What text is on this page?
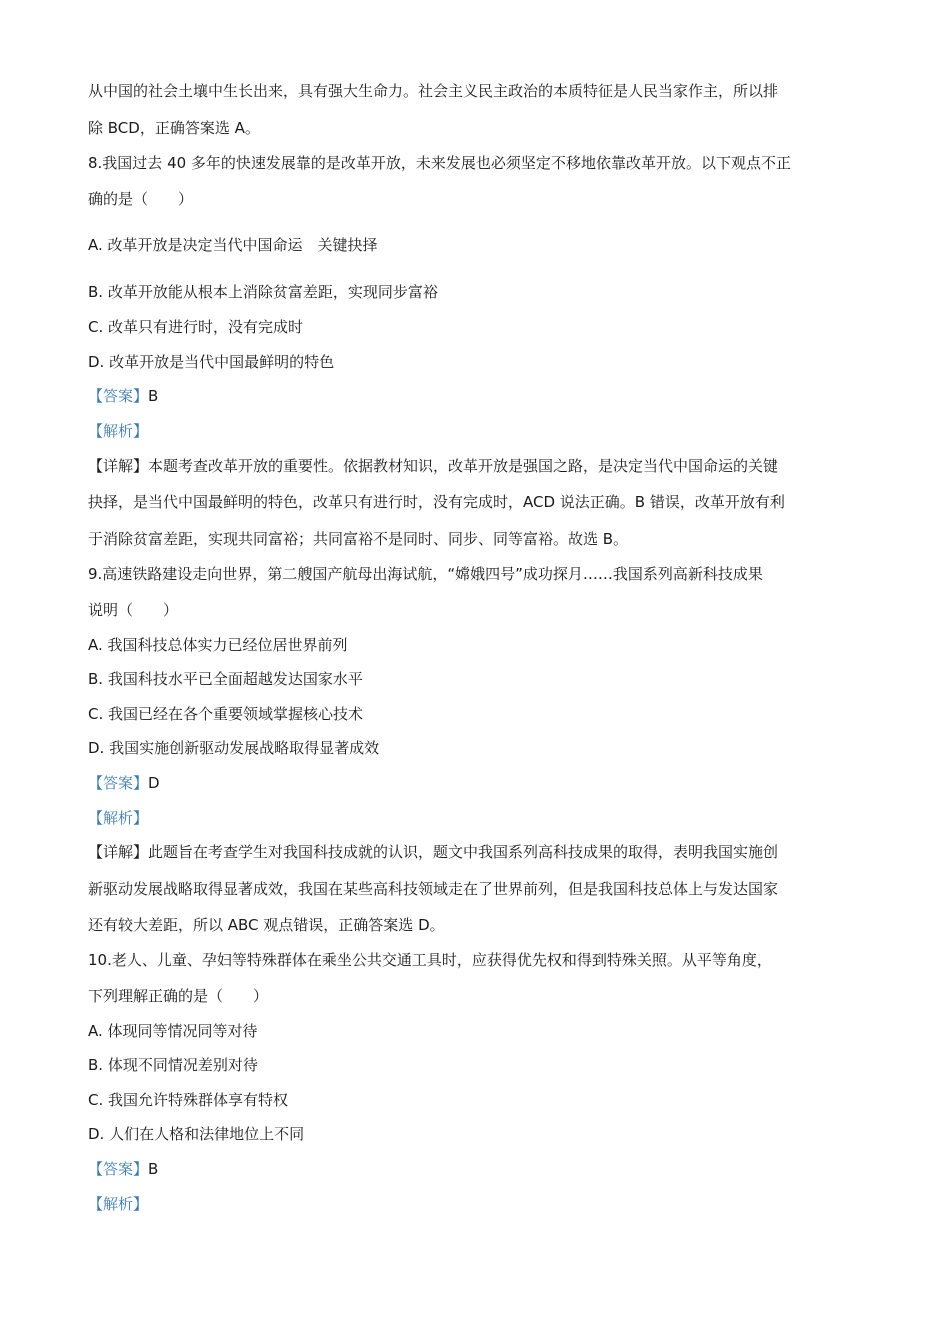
从中国的社会土壤中生长出来，具有强大生命力。社会主义民主政治的本质特征是人民当家作主，所以排
除 BCD，正确答案选 A。
8.我国过去 40 多年的快速发展靠的是改革开放，未来发展也必须坚定不移地依靠改革开放。以下观点不正
确的是（　　）
A. 改革开放是决定当代中国命运　关键抉择
B. 改革开放能从根本上消除贫富差距，实现同步富裕
C. 改革只有进行时，没有完成时
D. 改革开放是当代中国最鲜明的特色
【答案】B
【解析】
【详解】本题考查改革开放的重要性。依据教材知识，改革开放是强国之路，是决定当代中国命运的关键
抉择，是当代中国最鲜明的特色，改革只有进行时，没有完成时，ACD 说法正确。B 错误，改革开放有利
于消除贫富差距，实现共同富裕；共同富裕不是同时、同步、同等富裕。故选 B。
9.高速铁路建设走向世界，第二艘国产航母出海试航，“嫦娥四号”成功探月……我国系列高新科技成果
说明（　　）
A. 我国科技总体实力已经位居世界前列
B. 我国科技水平已全面超越发达国家水平
C. 我国已经在各个重要领域掌握核心技术
D. 我国实施创新驱动发展战略取得显著成效
【答案】D
【解析】
【详解】此题旨在考查学生对我国科技成就的认识，题文中我国系列高科技成果的取得，表明我国实施创
新驱动发展战略取得显著成效，我国在某些高科技领域走在了世界前列，但是我国科技总体上与发达国家
还有较大差距，所以 ABC 观点错误，正确答案选 D。
10.老人、儿童、孕妇等特殊群体在乘坐公共交通工具时，应获得优先权和得到特殊关照。从平等角度，
下列理解正确的是（　　）
A. 体现同等情况同等对待
B. 体现不同情况差别对待
C. 我国允许特殊群体享有特权
D. 人们在人格和法律地位上不同
【答案】B
【解析】
